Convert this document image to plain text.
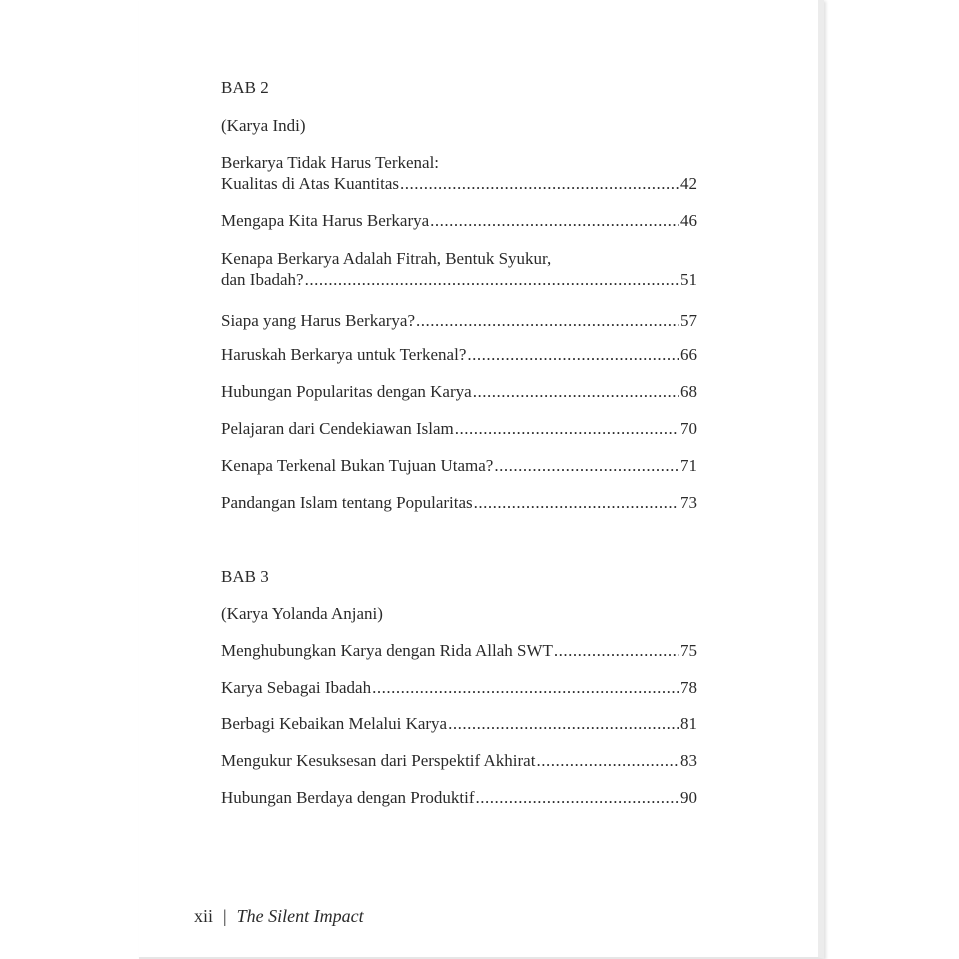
BAB 2
(Karya Indi)
Berkarya Tidak Harus Terkenal:
Kualitas di Atas Kuantitas .....	42
Mengapa Kita Harus Berkarya .....	46
Kenapa Berkarya Adalah Fitrah, Bentuk Syukur,
dan Ibadah? .....	51
Siapa yang Harus Berkarya? .....	57
Haruskah Berkarya untuk Terkenal? .....	66
Hubungan Popularitas dengan Karya .....	68
Pelajaran dari Cendekiawan Islam .....	70
Kenapa Terkenal Bukan Tujuan Utama? .....	71
Pandangan Islam tentang Popularitas .....	73
BAB 3
(Karya Yolanda Anjani)
Menghubungkan Karya dengan Rida Allah SWT .....	75
Karya Sebagai Ibadah .....	78
Berbagi Kebaikan Melalui Karya .....	81
Mengukur Kesuksesan dari Perspektif Akhirat .....	83
Hubungan Berdaya dengan Produktif .....	90
xii | The Silent Impact
